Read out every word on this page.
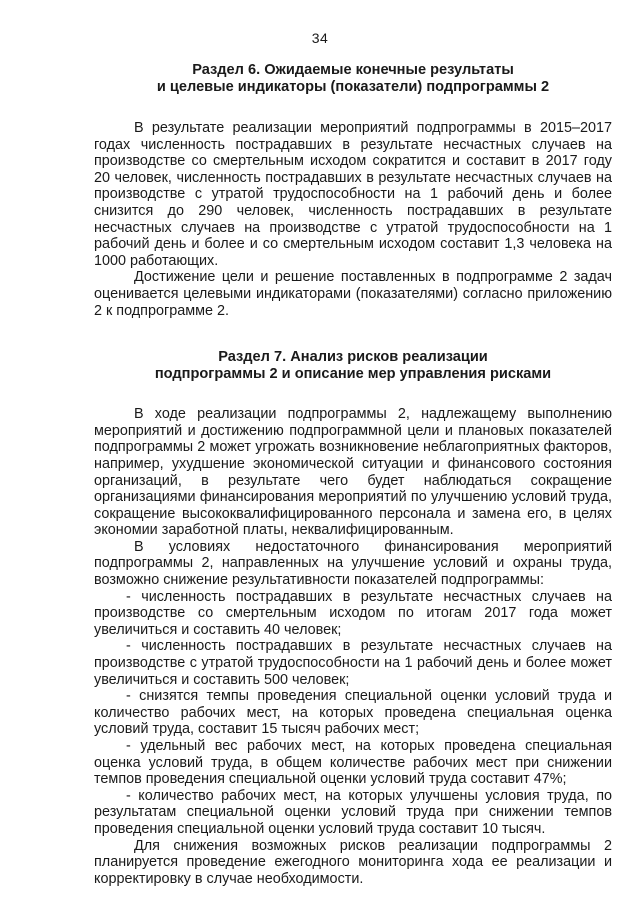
34
Раздел 6. Ожидаемые конечные результаты
и целевые индикаторы (показатели) подпрограммы 2

В результате реализации мероприятий подпрограммы в 2015–2017 годах численность пострадавших в результате несчастных случаев на производстве со смертельным исходом сократится и составит в 2017 году 20 человек, численность пострадавших в результате несчастных случаев на производстве с утратой трудоспособности на 1 рабочий день и более снизится до 290 человек, численность пострадавших в результате несчастных случаев на производстве с утратой трудоспособности на 1 рабочий день и более и со смертельным исходом составит 1,3 человека на 1000 работающих.

Достижение цели и решение поставленных в подпрограмме 2 задач оценивается целевыми индикаторами (показателями) согласно приложению 2 к подпрограмме 2.

Раздел 7. Анализ рисков реализации
подпрограммы 2 и описание мер управления рисками

В ходе реализации подпрограммы 2, надлежащему выполнению мероприятий и достижению подпрограммной цели и плановых показателей подпрограммы 2 может угрожать возникновение неблагоприятных факторов, например, ухудшение экономической ситуации и финансового состояния организаций, в результате чего будет наблюдаться сокращение организациями финансирования мероприятий по улучшению условий труда, сокращение высококвалифицированного персонала и замена его, в целях экономии заработной платы, неквалифицированным.

В условиях недостаточного финансирования мероприятий подпрограммы 2, направленных на улучшение условий и охраны труда, возможно снижение результативности показателей подпрограммы:

- численность пострадавших в результате несчастных случаев на производстве со смертельным исходом по итогам 2017 года может увеличиться и составить 40 человек;

- численность пострадавших в результате несчастных случаев на производстве с утратой трудоспособности на 1 рабочий день и более может увеличиться и составить 500 человек;

- снизятся темпы проведения специальной оценки условий труда и количество рабочих мест, на которых проведена специальная оценка условий труда, составит 15 тысяч рабочих мест;

- удельный вес рабочих мест, на которых проведена специальная оценка условий труда, в общем количестве рабочих мест при снижении темпов проведения специальной оценки условий труда составит 47%;

- количество рабочих мест, на которых улучшены условия труда, по результатам специальной оценки условий труда при снижении темпов проведения специальной оценки условий труда составит 10 тысяч.

Для снижения возможных рисков реализации подпрограммы 2 планируется проведение ежегодного мониторинга хода ее реализации и корректировку в случае необходимости.
